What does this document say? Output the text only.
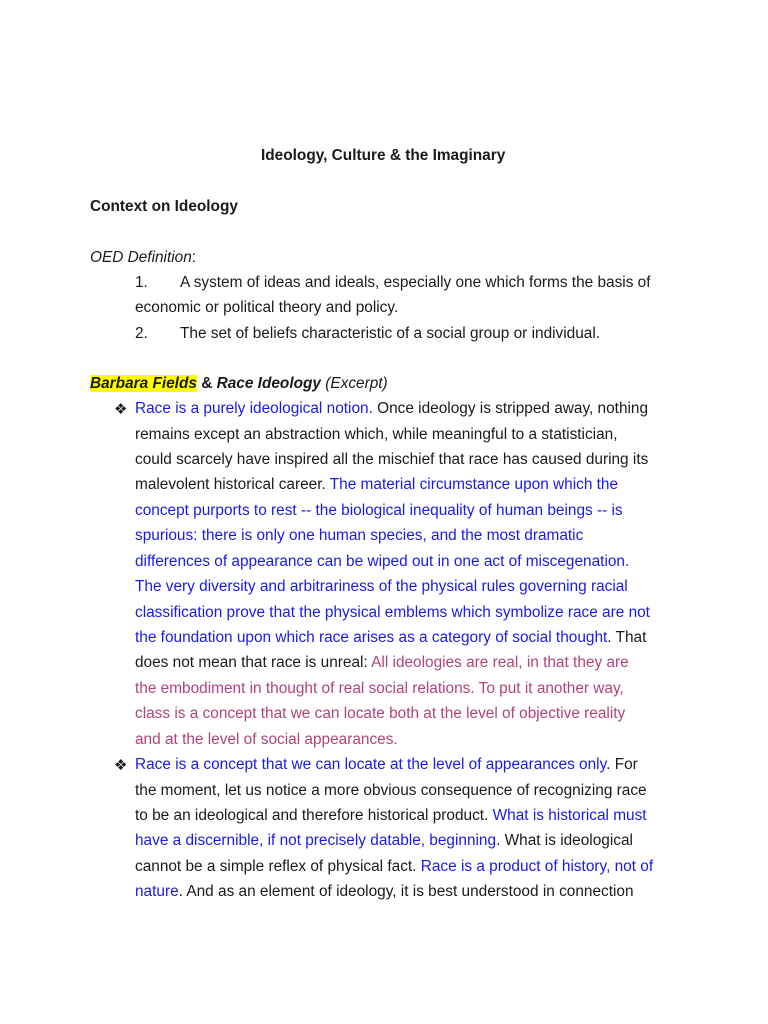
Ideology, Culture & the Imaginary
Context on Ideology
OED Definition:
1. A system of ideas and ideals, especially one which forms the basis of
economic or political theory and policy.
2. The set of beliefs characteristic of a social group or individual.
Barbara Fields & Race Ideology (Excerpt)
❖ Race is a purely ideological notion. Once ideology is stripped away, nothing
remains except an abstraction which, while meaningful to a statistician,
could scarcely have inspired all the mischief that race has caused during its
malevolent historical career. The material circumstance upon which the
concept purports to rest -- the biological inequality of human beings -- is
spurious: there is only one human species, and the most dramatic
differences of appearance can be wiped out in one act of miscegenation.
The very diversity and arbitrariness of the physical rules governing racial
classification prove that the physical emblems which symbolize race are not
the foundation upon which race arises as a category of social thought. That
does not mean that race is unreal: All ideologies are real, in that they are
the embodiment in thought of real social relations. To put it another way,
class is a concept that we can locate both at the level of objective reality
and at the level of social appearances.
❖ Race is a concept that we can locate at the level of appearances only. For
the moment, let us notice a more obvious consequence of recognizing race
to be an ideological and therefore historical product. What is historical must
have a discernible, if not precisely datable, beginning. What is ideological
cannot be a simple reflex of physical fact. Race is a product of history, not of
nature. And as an element of ideology, it is best understood in connection
